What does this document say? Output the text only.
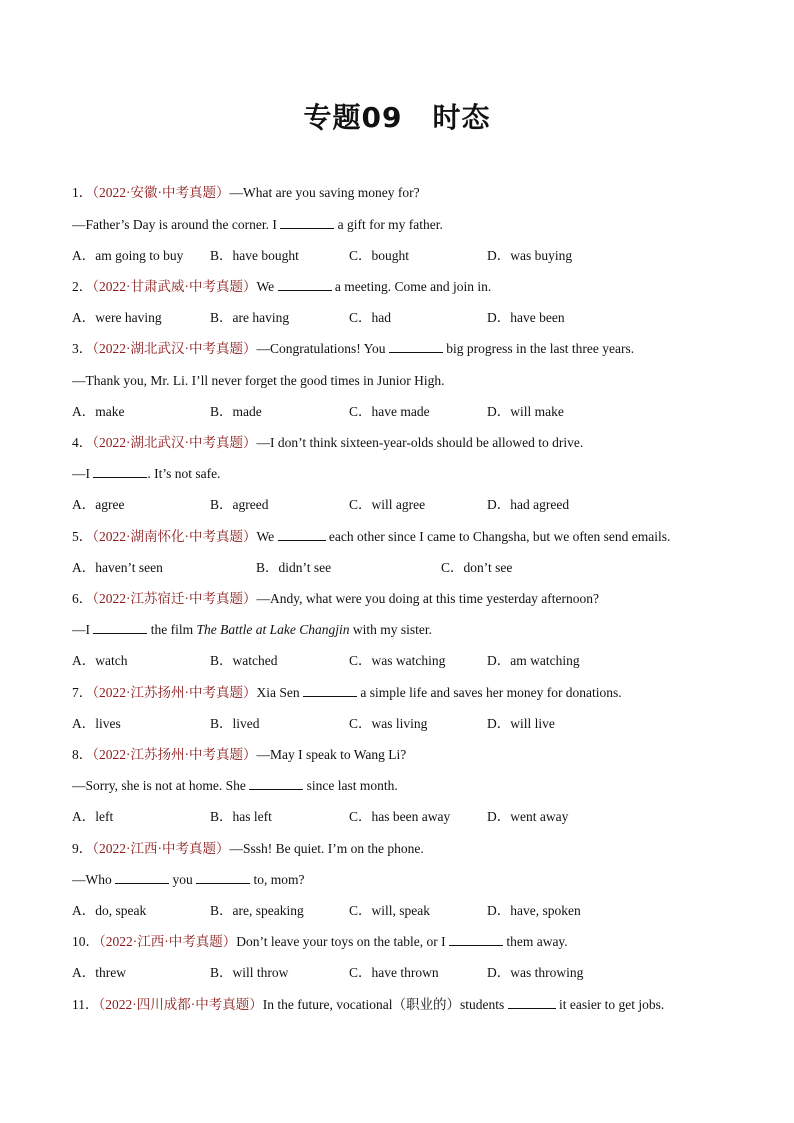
专题09 时态
1．（2022·安徽·中考真题）—What are you saving money for?
—Father’s Day is around the corner. I	a gift for my father.
A．am going to buy B．have bought	C．bought	D．was buying
2．（2022·甘肃武威·中考真题）We	a meeting. Come and join in.
A．were having	B．are having	C．had	D．have been
3．（2022·湖北武汉·中考真题）—Congratulations! You	big progress in the last three years.
—Thank you, Mr. Li. I’ll never forget the good times in Junior High.
A．make	B．made	C．have made	D．will make
4．（2022·湖北武汉·中考真题）—I don’t think sixteen-year-olds should be allowed to drive.
—I	. It’s not safe.
A．agree	B．agreed	C．will agree	D．had agreed
5．（2022·湖南怀化·中考真题）We	each other since I came to Changsha, but we often send emails.
A．haven’t seen	B．didn’t see	C．don’t see
6．（2022·江苏宿迁·中考真题）—Andy, what were you doing at this time yesterday afternoon?
—I	the film The Battle at Lake Changjin with my sister.
A．watch	B．watched	C．was watching	D．am watching
7．（2022·江苏扬州·中考真题）Xia Sen	a simple life and saves her money for donations.
A．lives	B．lived	C．was living	D．will live
8．（2022·江苏扬州·中考真题）—May I speak to Wang Li?
—Sorry, she is not at home. She	since last month.
A．left	B．has left	C．has been away	D．went away
9．（2022·江西·中考真题）—Sssh! Be quiet. I’m on the phone.
—Who	you	to, mom?
A．do, speak	B．are, speaking	C．will, speak	D．have, spoken
10．（2022·江西·中考真题）Don’t leave your toys on the table, or I	them away.
A．threw	B．will throw	C．have thrown	D．was throwing
11．（2022·四川成都·中考真题）In the future, vocational（职业的）students	it easier to get jobs.
